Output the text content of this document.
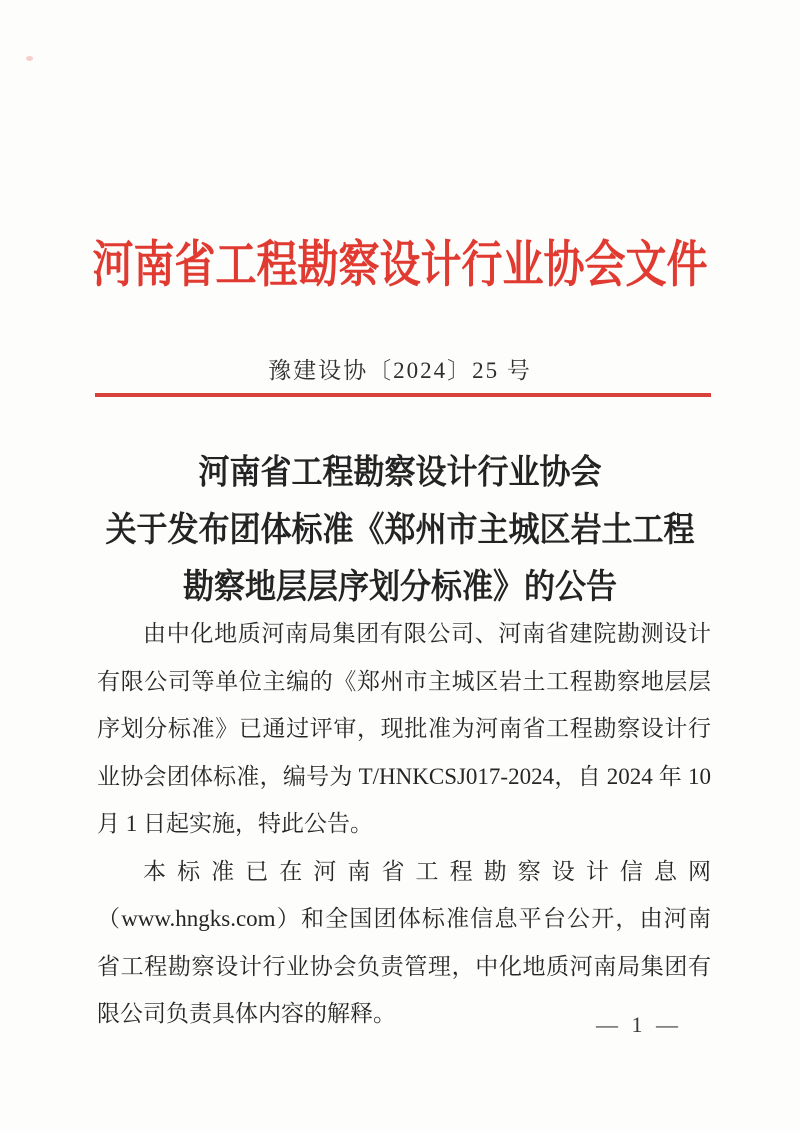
河南省工程勘察设计行业协会文件
豫建设协〔2024〕25 号
河南省工程勘察设计行业协会
关于发布团体标准《郑州市主城区岩土工程
勘察地层层序划分标准》的公告

由中化地质河南局集团有限公司、河南省建院勘测设计有限公司等单位主编的《郑州市主城区岩土工程勘察地层层序划分标准》已通过评审，现批准为河南省工程勘察设计行业协会团体标准，编号为 T/HNKCSJ017-2024，自 2024 年 10 月 1 日起实施，特此公告。

本标准已在河南省工程勘察设计信息网（www.hngks.com）和全国团体标准信息平台公开，由河南省工程勘察设计行业协会负责管理，中化地质河南局集团有限公司负责具体内容的解释。	— 1 —
